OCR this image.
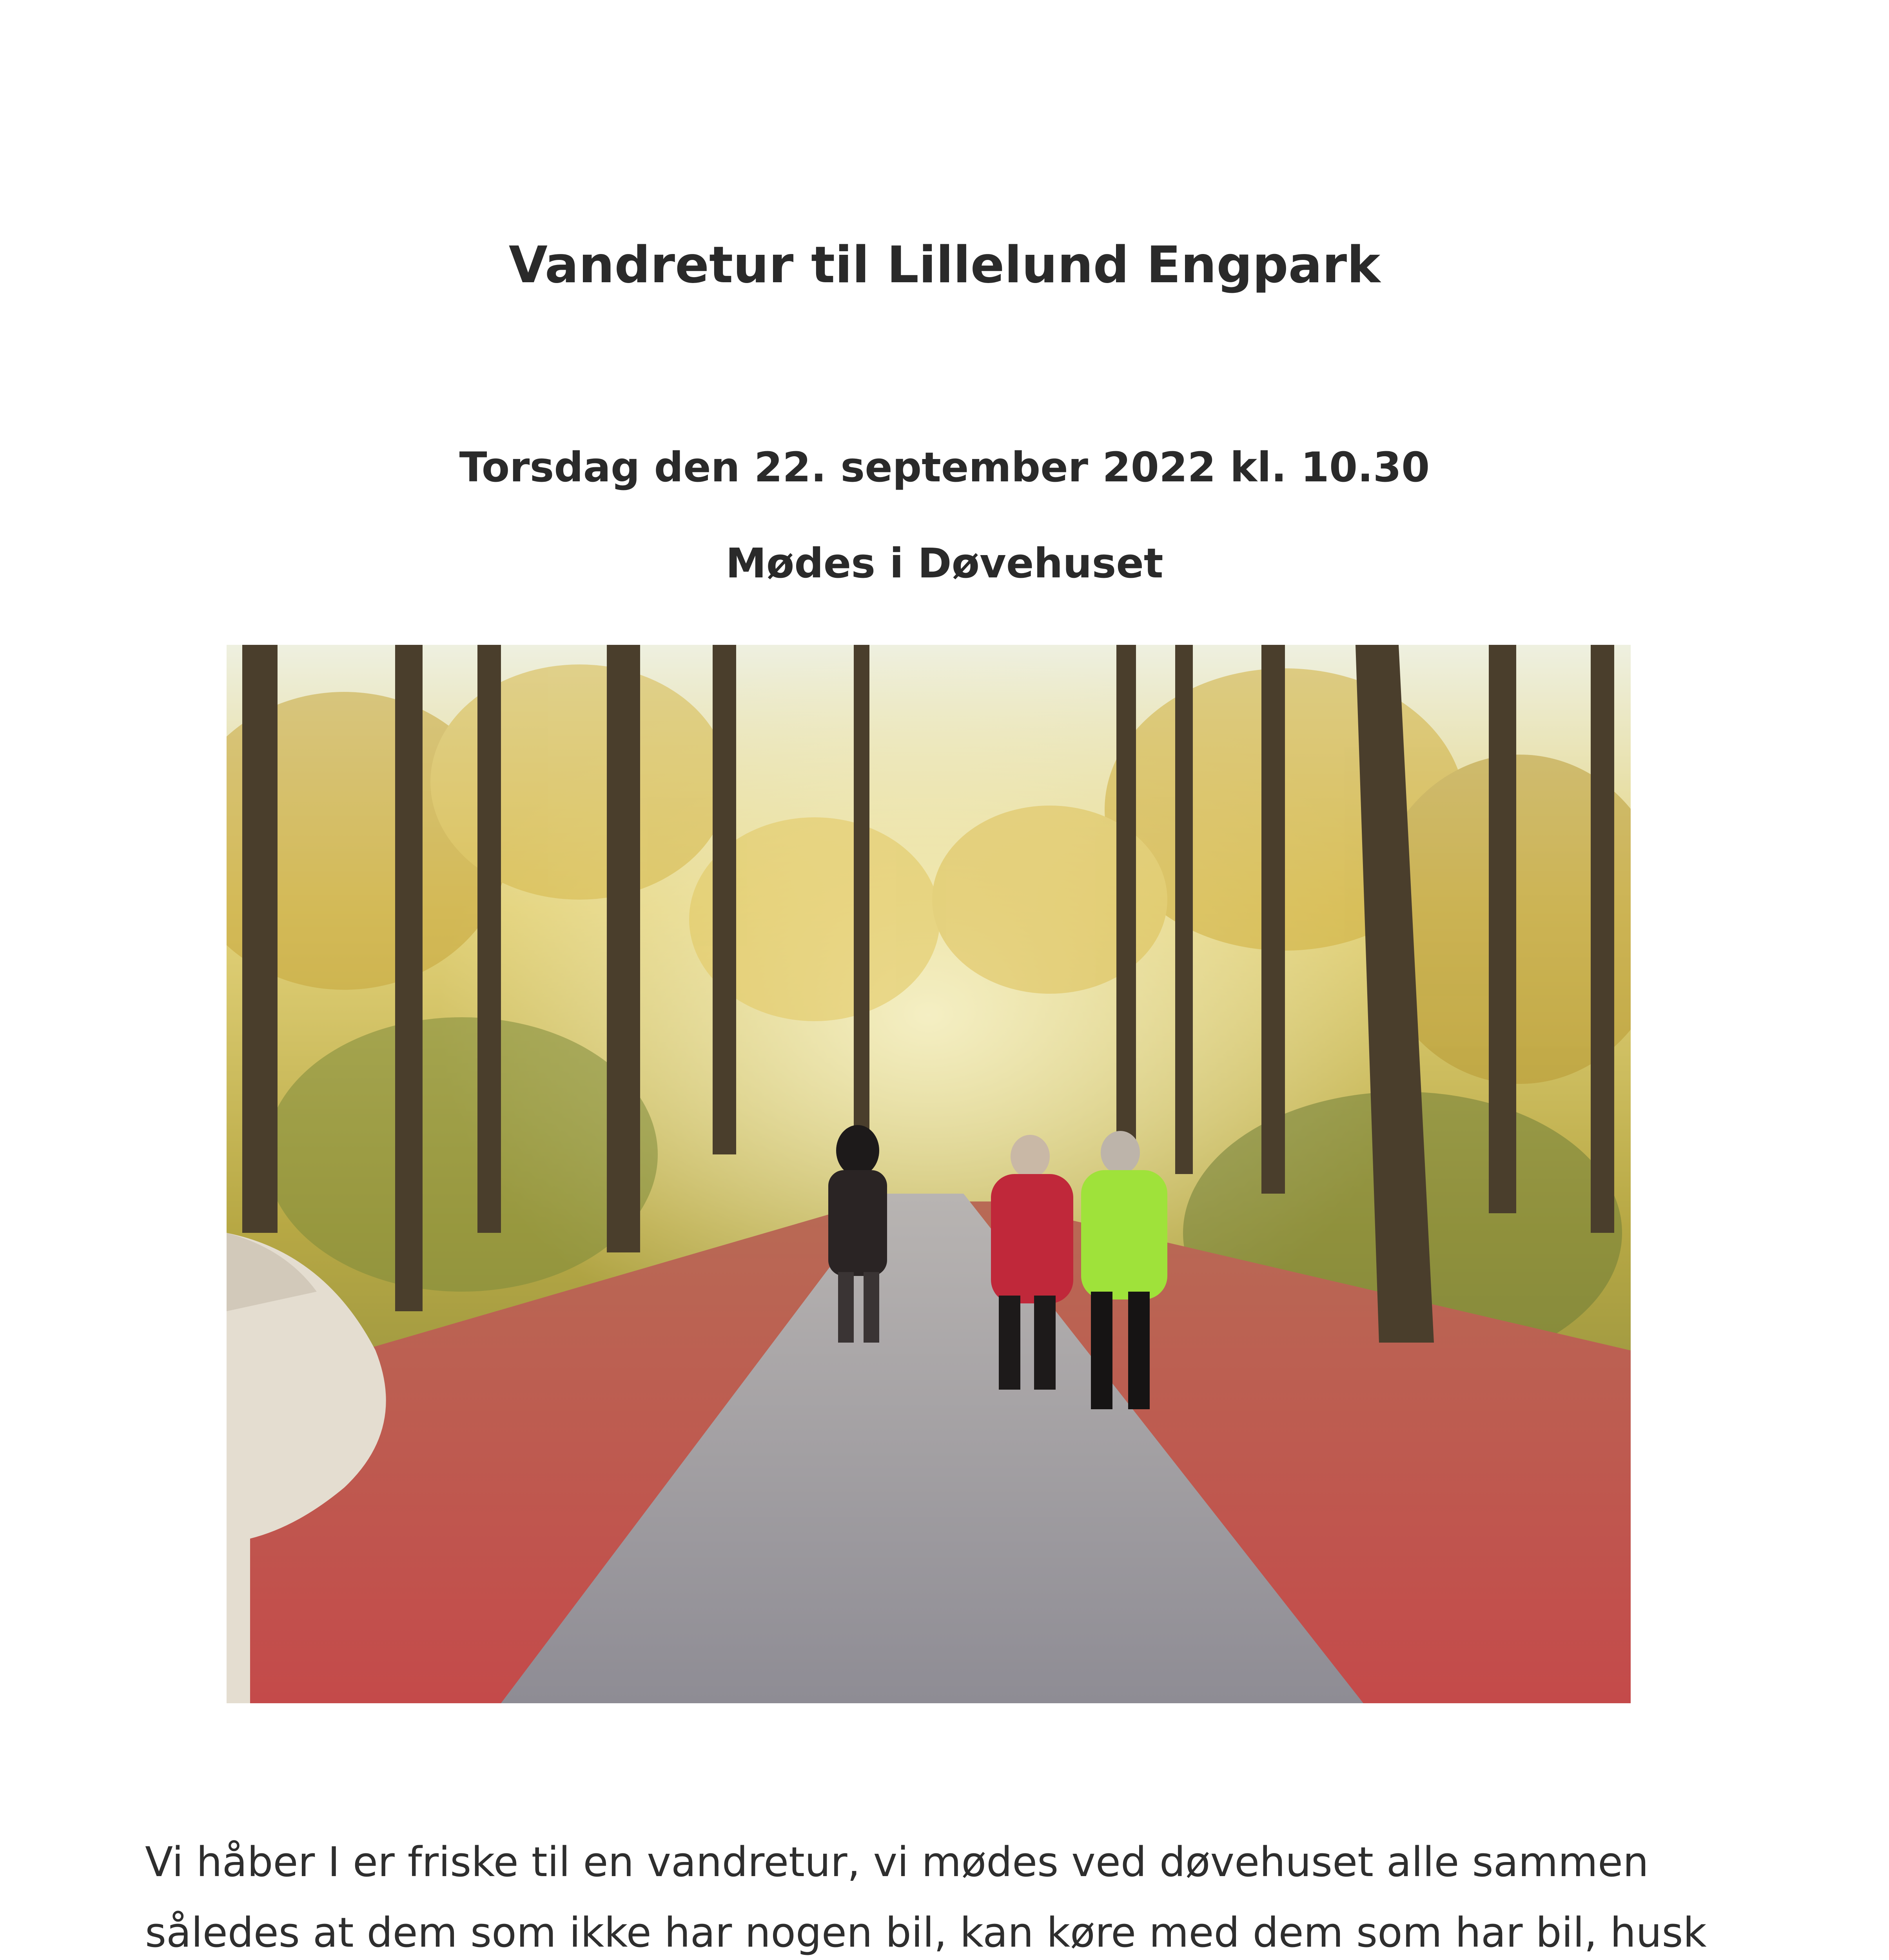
Vandretur til Lillelund Engpark
Torsdag den 22. september 2022 kl. 10.30
Mødes i Døvehuset
Vi håber I er friske til en vandretur, vi mødes ved døvehuset alle sammen således at dem som ikke har nogen bil, kan køre med dem som har bil, husk
